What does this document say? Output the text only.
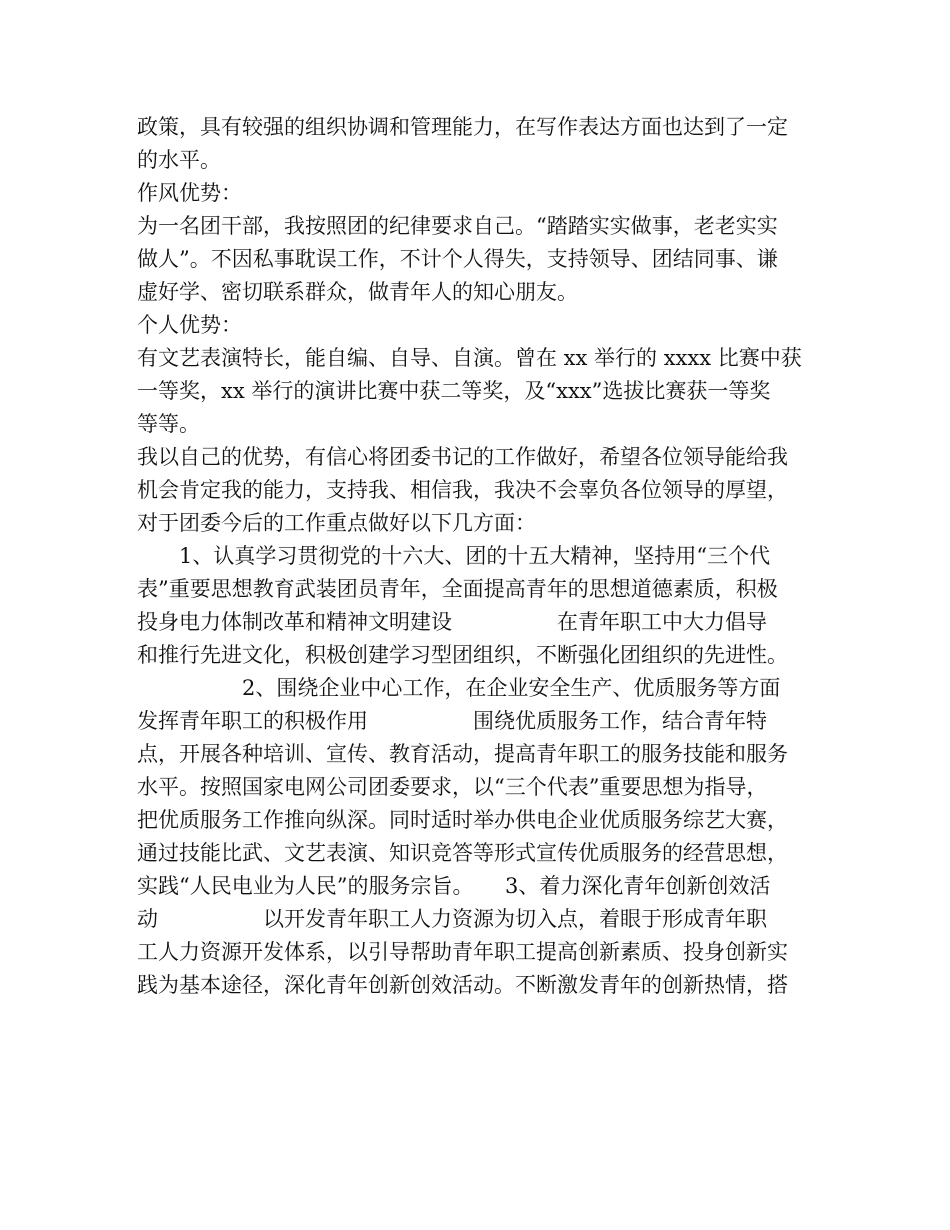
政策，具有较强的组织协调和管理能力，在写作表达方面也达到了一定
的水平。
作风优势：
为一名团干部，我按照团的纪律要求自己。“踏踏实实做事，老老实实
做人”。不因私事耽误工作，不计个人得失，支持领导、团结同事、谦
虚好学、密切联系群众，做青年人的知心朋友。
个人优势：
有文艺表演特长，能自编、自导、自演。曾在 xx 举行的 xxxx 比赛中获
一等奖，xx 举行的演讲比赛中获二等奖，及“xxx”选拔比赛获一等奖
等等。
我以自己的优势，有信心将团委书记的工作做好，希望各位领导能给我
机会肯定我的能力，支持我、相信我，我决不会辜负各位领导的厚望，
对于团委今后的工作重点做好以下几方面：
　　1、认真学习贯彻党的十六大、团的十五大精神，坚持用“三个代
表”重要思想教育武装团员青年，全面提高青年的思想道德素质，积极
投身电力体制改革和精神文明建设　　　　　在青年职工中大力倡导
和推行先进文化，积极创建学习型团组织，不断强化团组织的先进性。
　　　　　2、围绕企业中心工作，在企业安全生产、优质服务等方面
发挥青年职工的积极作用　　　　　围绕优质服务工作，结合青年特
点，开展各种培训、宣传、教育活动，提高青年职工的服务技能和服务
水平。按照国家电网公司团委要求，以“三个代表”重要思想为指导，
把优质服务工作推向纵深。同时适时举办供电企业优质服务综艺大赛，
通过技能比武、文艺表演、知识竞答等形式宣传优质服务的经营思想，
实践“人民电业为人民”的服务宗旨。　　3、着力深化青年创新创效活
动　　　　　以开发青年职工人力资源为切入点，着眼于形成青年职
工人力资源开发体系，以引导帮助青年职工提高创新素质、投身创新实
践为基本途径，深化青年创新创效活动。不断激发青年的创新热情，搭
